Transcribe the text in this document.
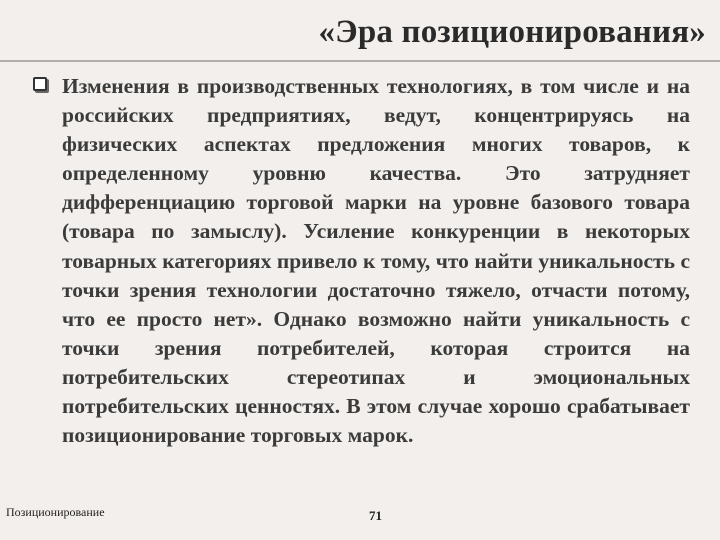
«Эра позиционирования»
Изменения в производственных технологиях, в том числе и на российских предприятиях, ведут, концентрируясь на физических аспектах предложения многих товаров, к определенному уровню качества. Это затрудняет дифференциацию торговой марки на уровне базового товара (товара по замыслу). Усиление конкуренции в некоторых товарных категориях привело к тому, что найти уникальность с точки зрения технологии достаточно тяжело, отчасти потому, что ее просто нет». Однако возможно найти уникальность с точки зрения потребителей, которая строится на потребительских стереотипах и эмоциональных потребительских ценностях. В этом случае хорошо срабатывает позиционирование торговых марок.
Позиционирование	71
